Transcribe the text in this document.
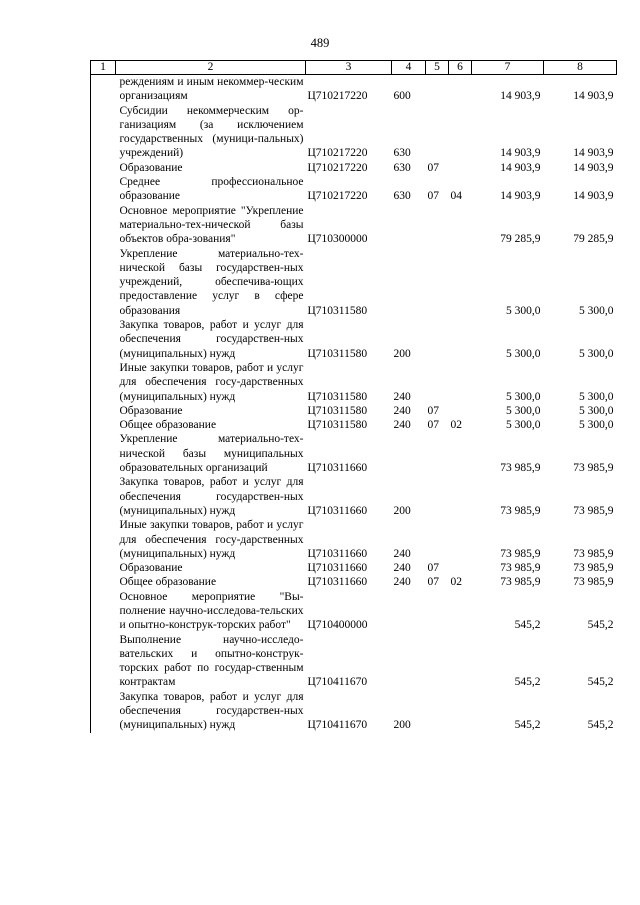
489
1	2	3	4	5	6	7	8
	реждениям и иным некоммер-ческим организациям	Ц710217220	600			14 903,9	14 903,9
	Субсидии некоммерческим ор-ганизациям (за исключением государственных (муници-пальных) учреждений)	Ц710217220	630			14 903,9	14 903,9
	Образование	Ц710217220	630	07		14 903,9	14 903,9
	Среднее профессиональное образование	Ц710217220	630	07	04	14 903,9	14 903,9
	Основное мероприятие "Укрепление материально-тех-нической базы объектов обра-зования"	Ц710300000				79 285,9	79 285,9
	Укрепление материально-тех-нической базы государствен-ных учреждений, обеспечива-ющих предоставление услуг в сфере образования	Ц710311580				5 300,0	5 300,0
	Закупка товаров, работ и услуг для обеспечения государствен-ных (муниципальных) нужд	Ц710311580	200			5 300,0	5 300,0
	Иные закупки товаров, работ и услуг для обеспечения госу-дарственных (муниципальных) нужд	Ц710311580	240			5 300,0	5 300,0
	Образование	Ц710311580	240	07		5 300,0	5 300,0
	Общее образование	Ц710311580	240	07	02	5 300,0	5 300,0
	Укрепление материально-тех-нической базы муниципальных образовательных организаций	Ц710311660				73 985,9	73 985,9
	Закупка товаров, работ и услуг для обеспечения государствен-ных (муниципальных) нужд	Ц710311660	200			73 985,9	73 985,9
	Иные закупки товаров, работ и услуг для обеспечения госу-дарственных (муниципальных) нужд	Ц710311660	240			73 985,9	73 985,9
	Образование	Ц710311660	240	07		73 985,9	73 985,9
	Общее образование	Ц710311660	240	07	02	73 985,9	73 985,9
	Основное мероприятие "Вы-полнение научно-исследова-тельских и опытно-конструк-торских работ"	Ц710400000				545,2	545,2
	Выполнение научно-исследо-вательских и опытно-конструк-торских работ по государ-ственным контрактам	Ц710411670				545,2	545,2
	Закупка товаров, работ и услуг для обеспечения государствен-ных (муниципальных) нужд	Ц710411670	200			545,2	545,2
